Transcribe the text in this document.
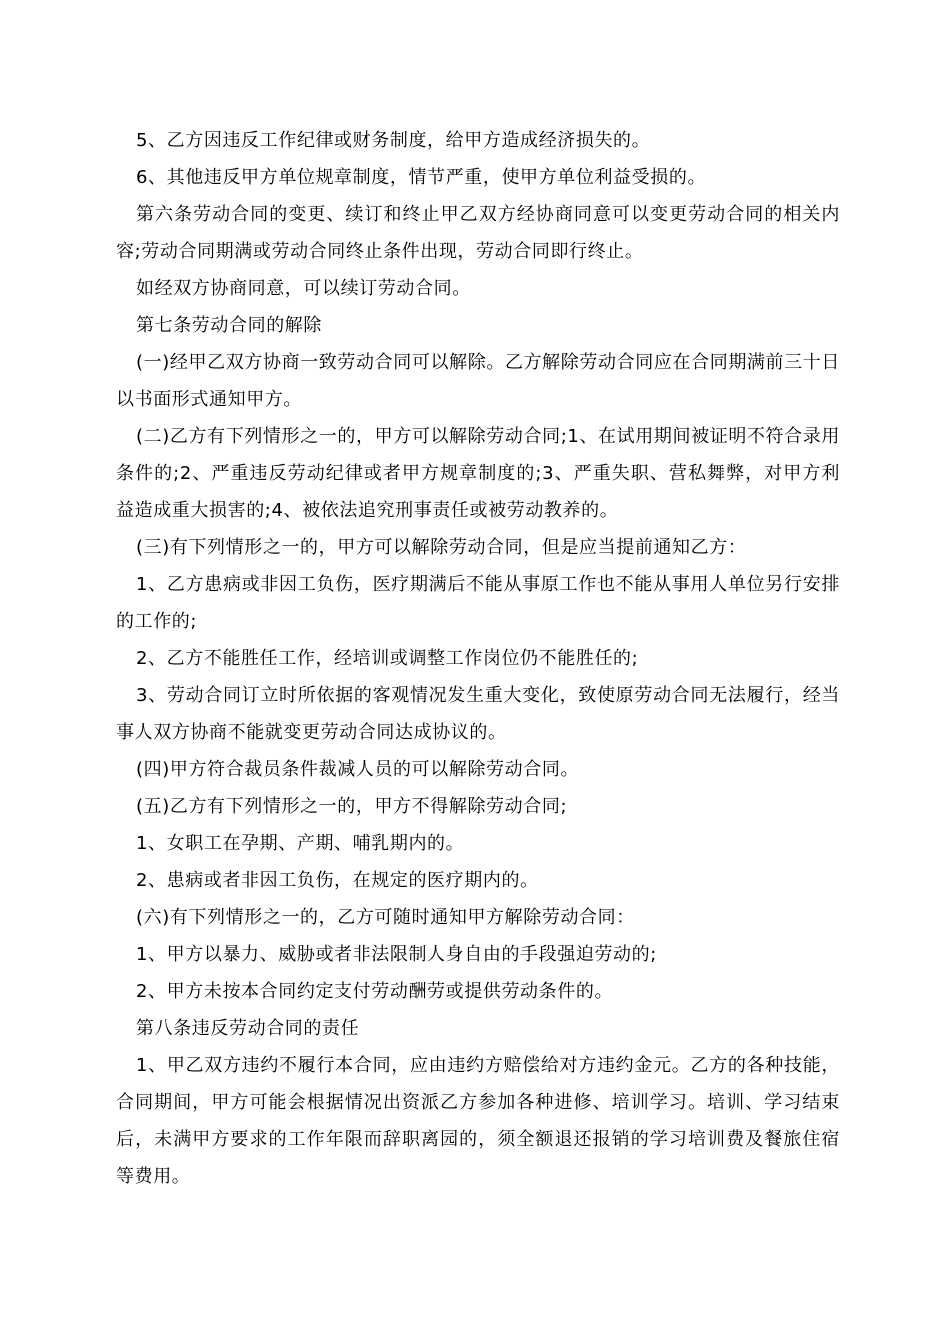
5、乙方因违反工作纪律或财务制度，给甲方造成经济损失的。

6、其他违反甲方单位规章制度，情节严重，使甲方单位利益受损的。

第六条劳动合同的变更、续订和终止甲乙双方经协商同意可以变更劳动合同的相关内容;劳动合同期满或劳动合同终止条件出现，劳动合同即行终止。

如经双方协商同意，可以续订劳动合同。

第七条劳动合同的解除

(一)经甲乙双方协商一致劳动合同可以解除。乙方解除劳动合同应在合同期满前三十日以书面形式通知甲方。

(二)乙方有下列情形之一的，甲方可以解除劳动合同;1、在试用期间被证明不符合录用条件的;2、严重违反劳动纪律或者甲方规章制度的;3、严重失职、营私舞弊，对甲方利益造成重大损害的;4、被依法追究刑事责任或被劳动教养的。

(三)有下列情形之一的，甲方可以解除劳动合同，但是应当提前通知乙方：

1、乙方患病或非因工负伤，医疗期满后不能从事原工作也不能从事用人单位另行安排的工作的;

2、乙方不能胜任工作，经培训或调整工作岗位仍不能胜任的;

3、劳动合同订立时所依据的客观情况发生重大变化，致使原劳动合同无法履行，经当事人双方协商不能就变更劳动合同达成协议的。

(四)甲方符合裁员条件裁减人员的可以解除劳动合同。

(五)乙方有下列情形之一的，甲方不得解除劳动合同;

1、女职工在孕期、产期、哺乳期内的。

2、患病或者非因工负伤，在规定的医疗期内的。

(六)有下列情形之一的，乙方可随时通知甲方解除劳动合同：

1、甲方以暴力、威胁或者非法限制人身自由的手段强迫劳动的;

2、甲方未按本合同约定支付劳动酬劳或提供劳动条件的。

第八条违反劳动合同的责任

1、甲乙双方违约不履行本合同，应由违约方赔偿给对方违约金元。乙方的各种技能，合同期间，甲方可能会根据情况出资派乙方参加各种进修、培训学习。培训、学习结束后，未满甲方要求的工作年限而辞职离园的，须全额退还报销的学习培训费及餐旅住宿等费用。
